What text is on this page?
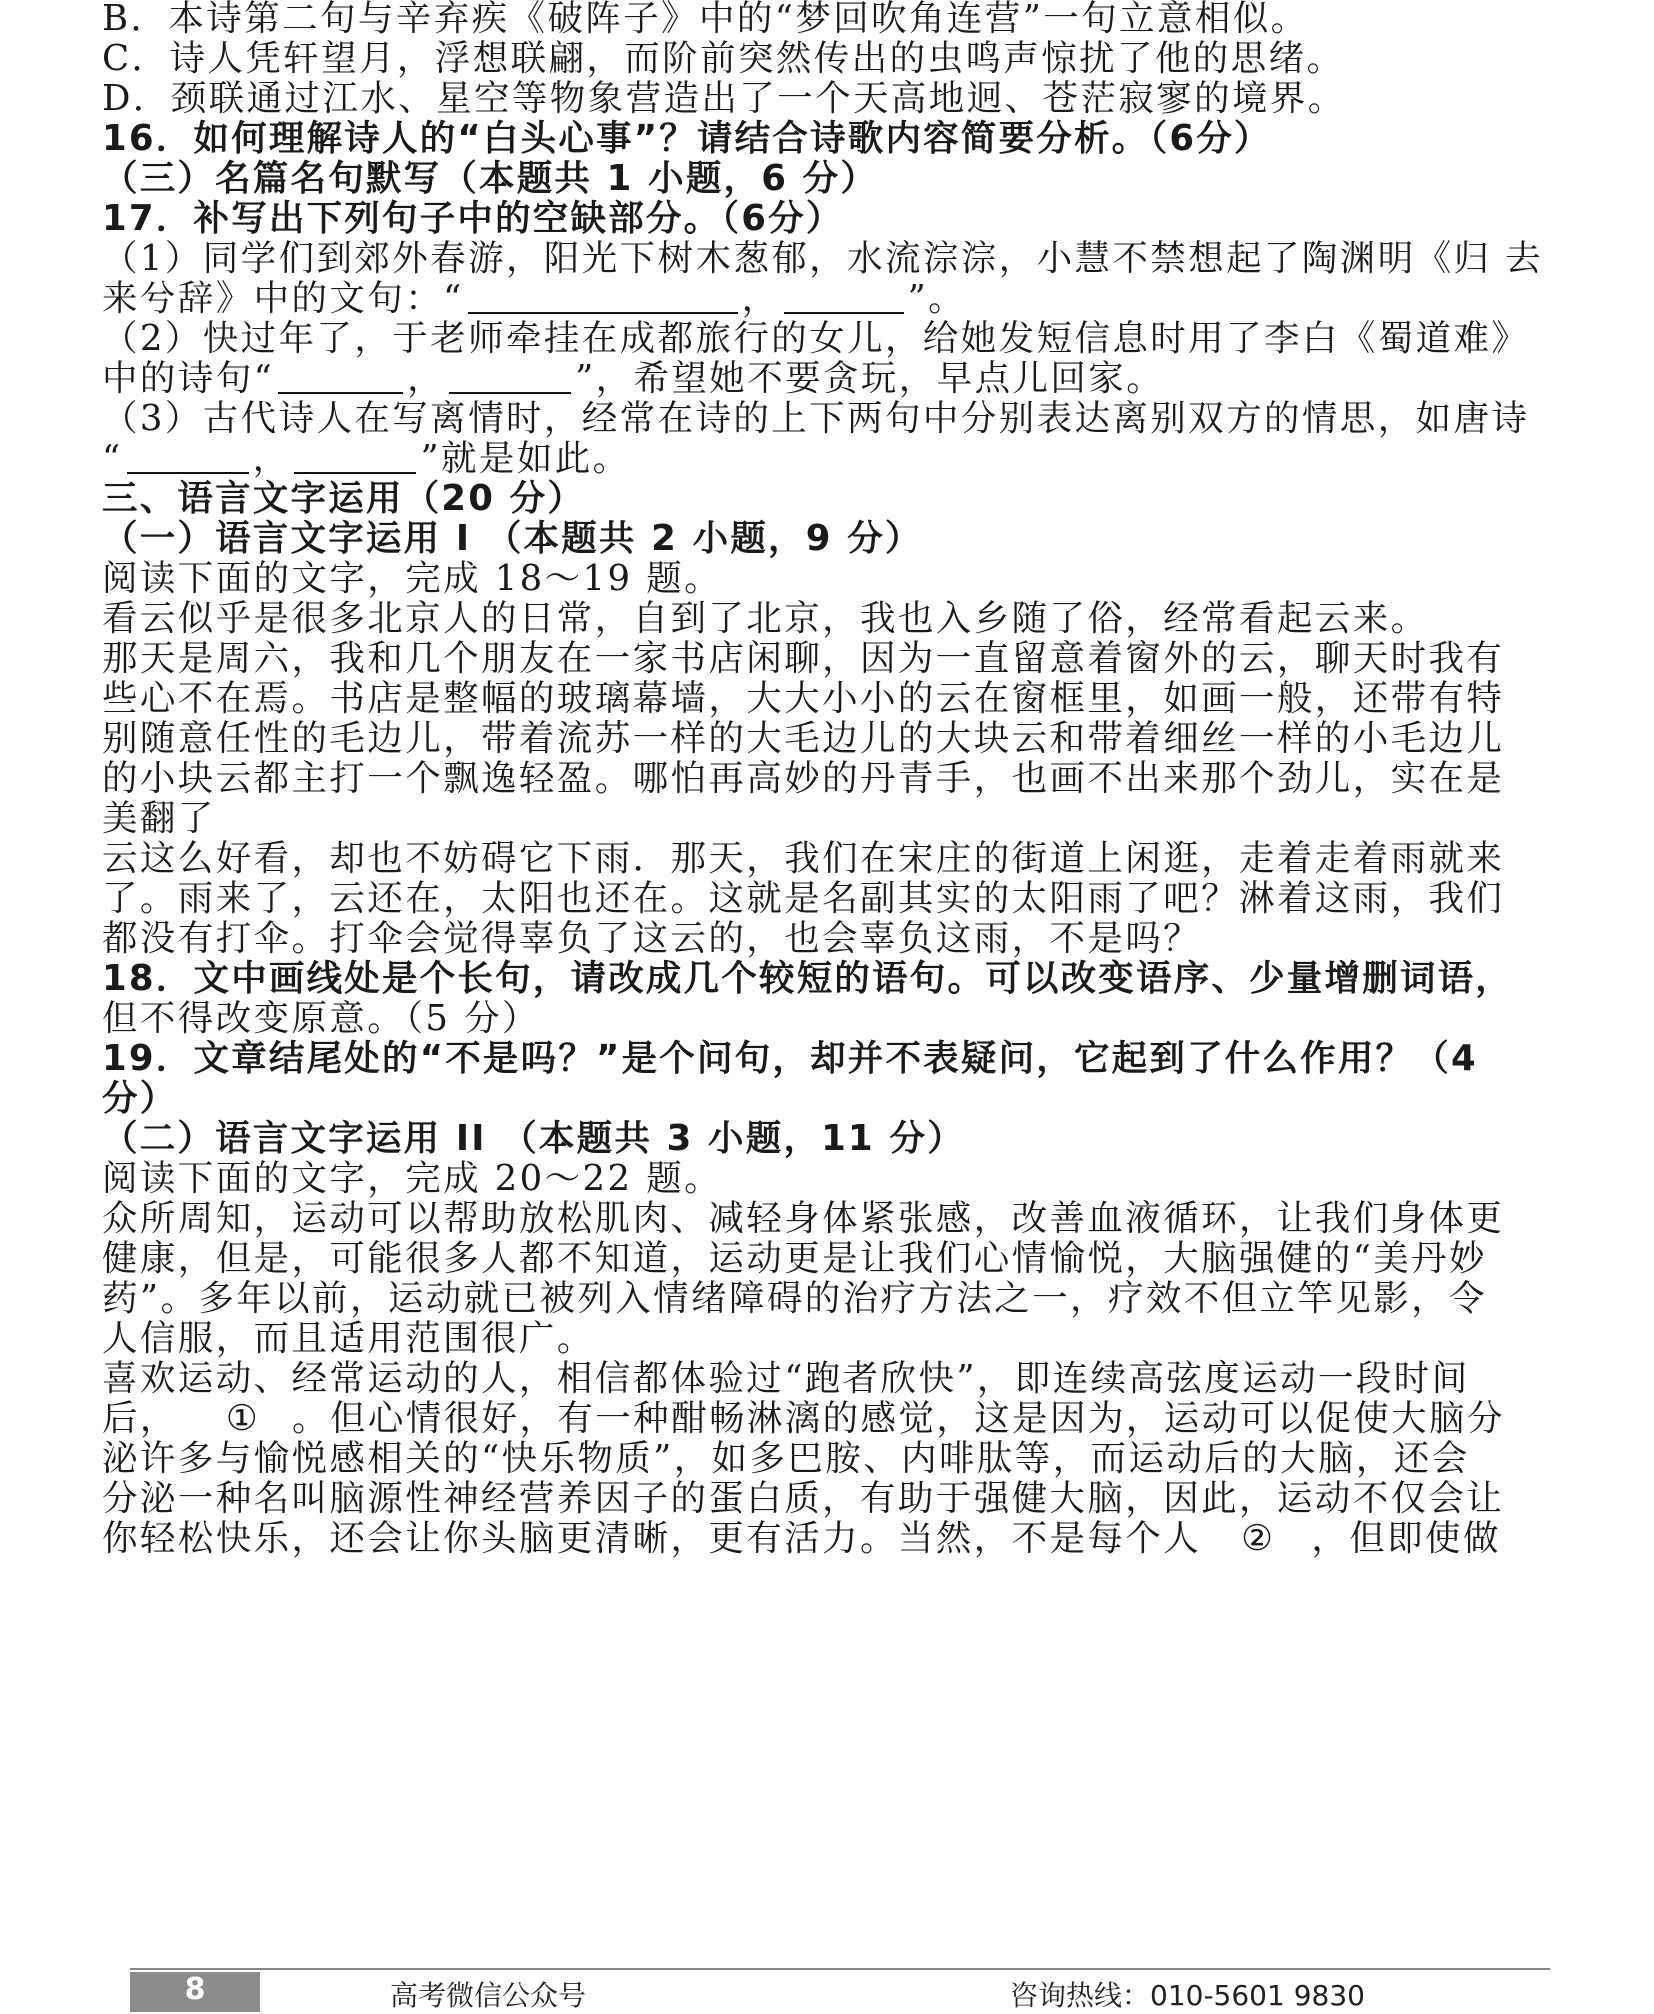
B．本诗第二句与辛弃疾《破阵子》中的“梦回吹角连营”一句立意相似。
C．诗人凭轩望月，浮想联翩，而阶前突然传出的虫鸣声惊扰了他的思绪。
D．颈联通过江水、星空等物象营造出了一个天高地迥、苍茫寂寥的境界。
16．如何理解诗人的“白头心事”？请结合诗歌内容简要分析。（6分）
（三）名篇名句默写（本题共 1 小题，6 分）
17．补写出下列句子中的空缺部分。（6分）
（1）同学们到郊外春游，阳光下树木葱郁，水流淙淙，小慧不禁想起了陶渊明《归 去
来兮辞》中的文句：“	，	”。
（2）快过年了，于老师牵挂在成都旅行的女儿，给她发短信息时用了李白《蜀道难》
中的诗句“	，	”，希望她不要贪玩，早点儿回家。
（3）古代诗人在写离情时，经常在诗的上下两句中分别表达离别双方的情思，如唐诗
“	，	”就是如此。
三、语言文字运用（20 分）
（一）语言文字运用 I （本题共 2 小题，9 分）
阅读下面的文字，完成 18～19 题。
看云似乎是很多北京人的日常，自到了北京，我也入乡随了俗，经常看起云来。
那天是周六，我和几个朋友在一家书店闲聊，因为一直留意着窗外的云，聊天时我有
些心不在焉。书店是整幅的玻璃幕墙，大大小小的云在窗框里，如画一般，还带有特
别随意任性的毛边儿，带着流苏一样的大毛边儿的大块云和带着细丝一样的小毛边儿
的小块云都主打一个飘逸轻盈。哪怕再高妙的丹青手，也画不出来那个劲儿，实在是
美翻了
云这么好看，却也不妨碍它下雨．那天，我们在宋庄的街道上闲逛，走着走着雨就来
了。雨来了，云还在，太阳也还在。这就是名副其实的太阳雨了吧？淋着这雨，我们
都没有打伞。打伞会觉得辜负了这云的，也会辜负这雨，不是吗？
18．文中画线处是个长句，请改成几个较短的语句。可以改变语序、少量增删词语，
但不得改变原意。（5 分）
19．文章结尾处的“不是吗？”是个问句，却并不表疑问，它起到了什么作用？（4
分）
（二）语言文字运用 II （本题共 3 小题，11 分）
阅读下面的文字，完成 20～22 题。
众所周知，运动可以帮助放松肌肉、减轻身体紧张感，改善血液循环，让我们身体更
健康，但是，可能很多人都不知道，运动更是让我们心情愉悦，大脑强健的“美丹妙
药”。多年以前，运动就已被列入情绪障碍的治疗方法之一，疗效不但立竿见影，令
人信服，而且适用范围很广。
喜欢运动、经常运动的人，相信都体验过“跑者欣快”，即连续高弦度运动一段时间
后， ① 。但心情很好，有一种酣畅淋漓的感觉，这是因为，运动可以促使大脑分
泌许多与愉悦感相关的“快乐物质”，如多巴胺、内啡肽等，而运动后的大脑，还会
分泌一种名叫脑源性神经营养因子的蛋白质，有助于强健大脑，因此，运动不仅会让
你轻松快乐，还会让你头脑更清晰，更有活力。当然，不是每个人 ② ，但即使做
8	高考微信公众号	咨询热线：010-5601 9830
